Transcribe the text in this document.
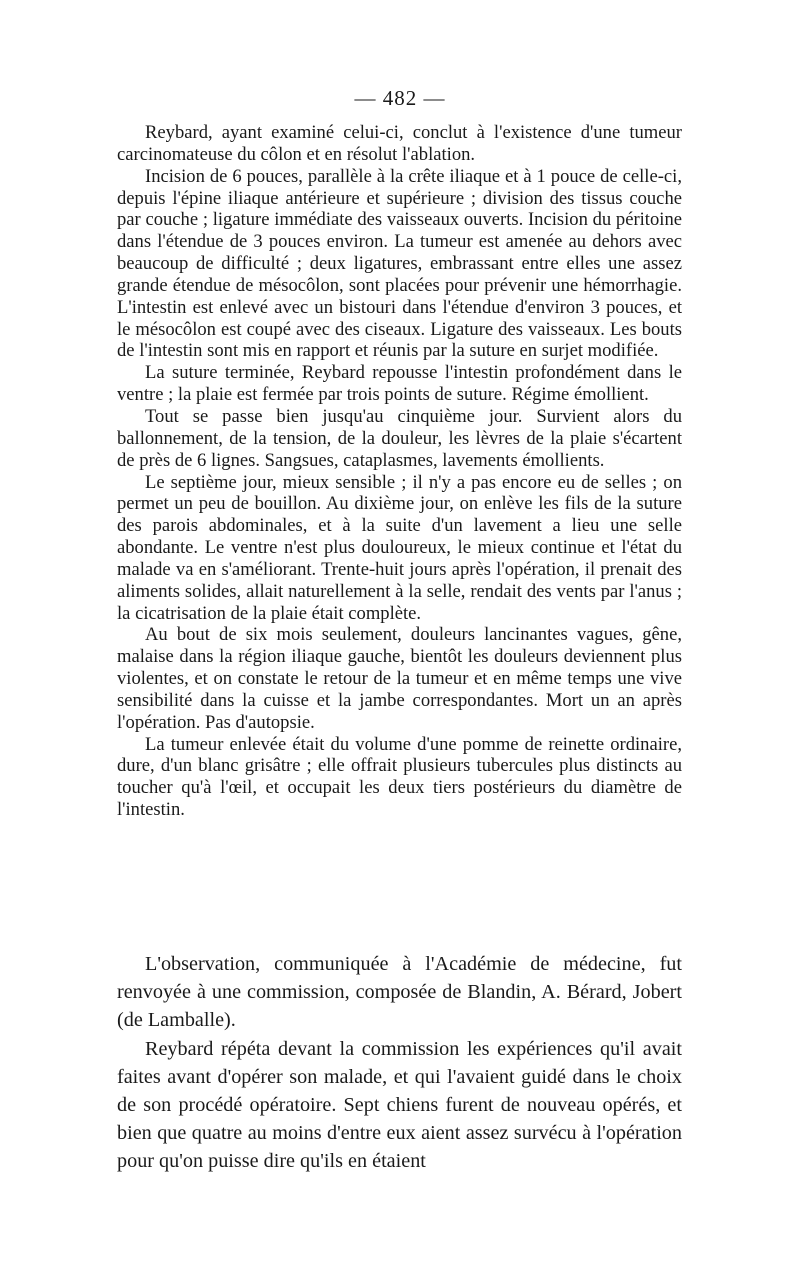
— 482 —

Reybard, ayant examiné celui-ci, conclut à l'existence d'une tumeur carcinomateuse du côlon et en résolut l'ablation.

Incision de 6 pouces, parallèle à la crête iliaque et à 1 pouce de celle-ci, depuis l'épine iliaque antérieure et supérieure ; division des tissus couche par couche ; ligature immédiate des vaisseaux ouverts. Incision du péritoine dans l'étendue de 3 pouces environ. La tumeur est amenée au dehors avec beaucoup de difficulté ; deux ligatures, embrassant entre elles une assez grande étendue de mésocôlon, sont placées pour prévenir une hémorrhagie. L'intestin est enlevé avec un bistouri dans l'étendue d'environ 3 pouces, et le mésocôlon est coupé avec des ciseaux. Ligature des vaisseaux. Les bouts de l'intestin sont mis en rapport et réunis par la suture en surjet modifiée.

La suture terminée, Reybard repousse l'intestin profondément dans le ventre ; la plaie est fermée par trois points de suture. Régime émollient.

Tout se passe bien jusqu'au cinquième jour. Survient alors du ballonnement, de la tension, de la douleur, les lèvres de la plaie s'écartent de près de 6 lignes. Sangsues, cataplasmes, lavements émollients.

Le septième jour, mieux sensible ; il n'y a pas encore eu de selles ; on permet un peu de bouillon. Au dixième jour, on enlève les fils de la suture des parois abdominales, et à la suite d'un lavement a lieu une selle abondante. Le ventre n'est plus douloureux, le mieux continue et l'état du malade va en s'améliorant. Trente-huit jours après l'opération, il prenait des aliments solides, allait naturellement à la selle, rendait des vents par l'anus ; la cicatrisation de la plaie était complète.

Au bout de six mois seulement, douleurs lancinantes vagues, gêne, malaise dans la région iliaque gauche, bientôt les douleurs deviennent plus violentes, et on constate le retour de la tumeur et en même temps une vive sensibilité dans la cuisse et la jambe correspondantes. Mort un an après l'opération. Pas d'autopsie.

La tumeur enlevée était du volume d'une pomme de reinette ordinaire, dure, d'un blanc grisâtre ; elle offrait plusieurs tubercules plus distincts au toucher qu'à l'œil, et occupait les deux tiers postérieurs du diamètre de l'intestin.

L'observation, communiquée à l'Académie de médecine, fut renvoyée à une commission, composée de Blandin, A. Bérard, Jobert (de Lamballe).

Reybard répéta devant la commission les expériences qu'il avait faites avant d'opérer son malade, et qui l'avaient guidé dans le choix de son procédé opératoire. Sept chiens furent de nouveau opérés, et bien que quatre au moins d'entre eux aient assez survécu à l'opération pour qu'on puisse dire qu'ils en étaient
